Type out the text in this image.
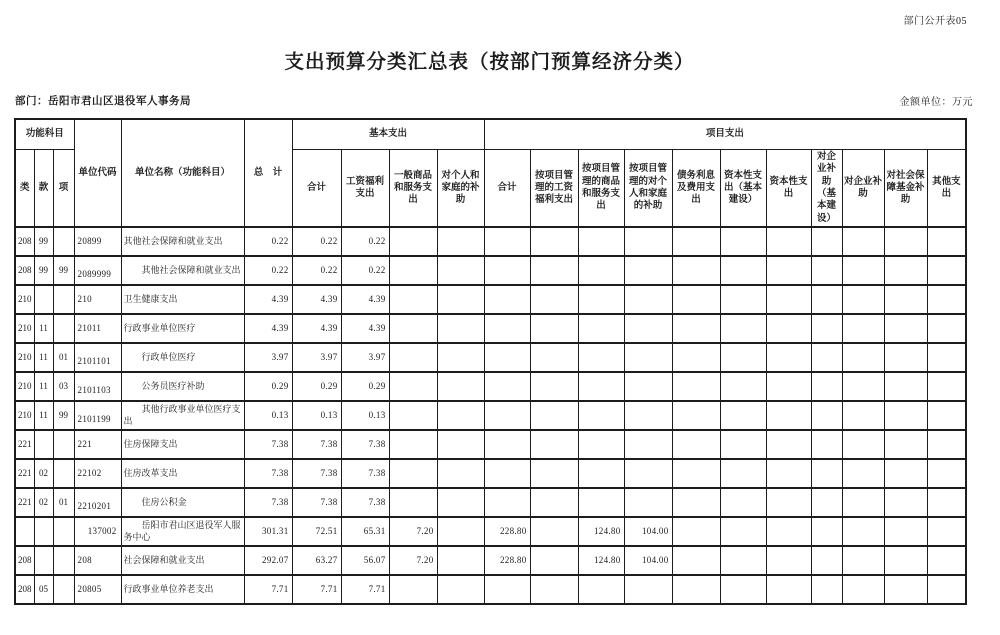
部门公开表05
支出预算分类汇总表（按部门预算经济分类）
部门：岳阳市君山区退役军人事务局	金额单位：万元
功能科目			单位代码	单位名称（功能科目）	总　计	基本支出				项目支出										
类	款	项				合计	工资福利支出	一般商品和服务支出	对个人和家庭的补助	合计	按项目管理的工资福利支出	按项目管理的商品和服务支出	按项目管理的对个人和家庭的补助	债务利息及费用支出	资本性支出（基本建设）	资本性支出	对企业补助（基本建设）	对企业补助	对社会保障基金补助	其他支出
208	99		20899	其他社会保障和就业支出	0.22	0.22	0.22													
208	99	99	2089999	其他社会保障和就业支出	0.22	0.22	0.22													
210			210	卫生健康支出	4.39	4.39	4.39													
210	11		21011	行政事业单位医疗	4.39	4.39	4.39													
210	11	01	2101101	行政单位医疗	3.97	3.97	3.97													
210	11	03	2101103	公务员医疗补助	0.29	0.29	0.29													
210	11	99	2101199	其他行政事业单位医疗支出	0.13	0.13	0.13													
221			221	住房保障支出	7.38	7.38	7.38													
221	02		22102	住房改革支出	7.38	7.38	7.38													
221	02	01	2210201	住房公积金	7.38	7.38	7.38													
			137002	岳阳市君山区退役军人服务中心	301.31	72.51	65.31	7.20		228.80		124.80	104.00							
208			208	社会保障和就业支出	292.07	63.27	56.07	7.20		228.80		124.80	104.00							
208	05		20805	行政事业单位养老支出	7.71	7.71	7.71													
